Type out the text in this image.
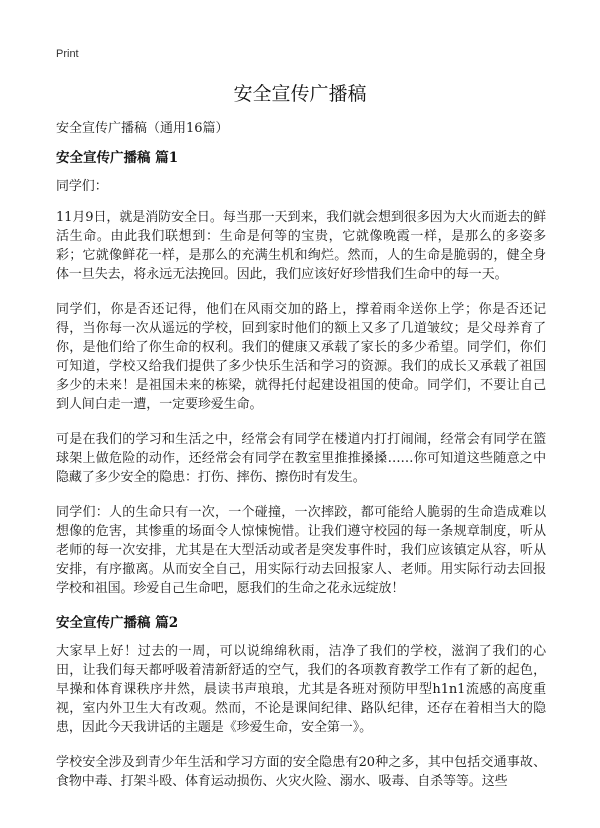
Print
安全宣传广播稿

安全宣传广播稿（通用16篇）

安全宣传广播稿 篇1

同学们：

11月9日，就是消防安全日。每当那一天到来，我们就会想到很多因为大火而逝去的鲜活生命。由此我们联想到：生命是何等的宝贵，它就像晚霞一样，是那么的多姿多彩；它就像鲜花一样，是那么的充满生机和绚烂。然而，人的生命是脆弱的，健全身体一旦失去，将永远无法挽回。因此，我们应该好好珍惜我们生命中的每一天。

同学们，你是否还记得，他们在风雨交加的路上，撑着雨伞送你上学；你是否还记得，当你每一次从遥远的学校，回到家时他们的额上又多了几道皱纹；是父母养育了你，是他们给了你生命的权利。我们的健康又承载了家长的多少希望。同学们，你们可知道，学校又给我们提供了多少快乐生活和学习的资源。我们的成长又承载了祖国多少的未来！是祖国未来的栋梁，就得托付起建设祖国的使命。同学们，不要让自己到人间白走一遭，一定要珍爱生命。

可是在我们的学习和生活之中，经常会有同学在楼道内打打闹闹，经常会有同学在篮球架上做危险的动作，还经常会有同学在教室里推推搡搡……你可知道这些随意之中隐藏了多少安全的隐患：打伤、摔伤、擦伤时有发生。

同学们：人的生命只有一次，一个碰撞，一次摔跤，都可能给人脆弱的生命造成难以想像的危害，其惨重的场面令人惊悚惋惜。让我们遵守校园的每一条规章制度，听从老师的每一次安排，尤其是在大型活动或者是突发事件时，我们应该镇定从容，听从安排，有序撤离。从而安全自己，用实际行动去回报家人、老师。用实际行动去回报学校和祖国。珍爱自己生命吧，愿我们的生命之花永远绽放！

安全宣传广播稿 篇2

大家早上好！过去的一周，可以说绵绵秋雨，洁净了我们的学校，滋润了我们的心田，让我们每天都呼吸着清新舒适的空气，我们的各项教育教学工作有了新的起色，早操和体育课秩序井然，晨读书声琅琅，尤其是各班对预防甲型h1n1流感的高度重视，室内外卫生大有改观。然而，不论是课间纪律、路队纪律，还存在着相当大的隐患，因此今天我讲话的主题是《珍爱生命，安全第一》。

学校安全涉及到青少年生活和学习方面的安全隐患有20种之多，其中包括交通事故、食物中毒、打架斗殴、体育运动损伤、火灾火险、溺水、吸毒、自杀等等。这些
